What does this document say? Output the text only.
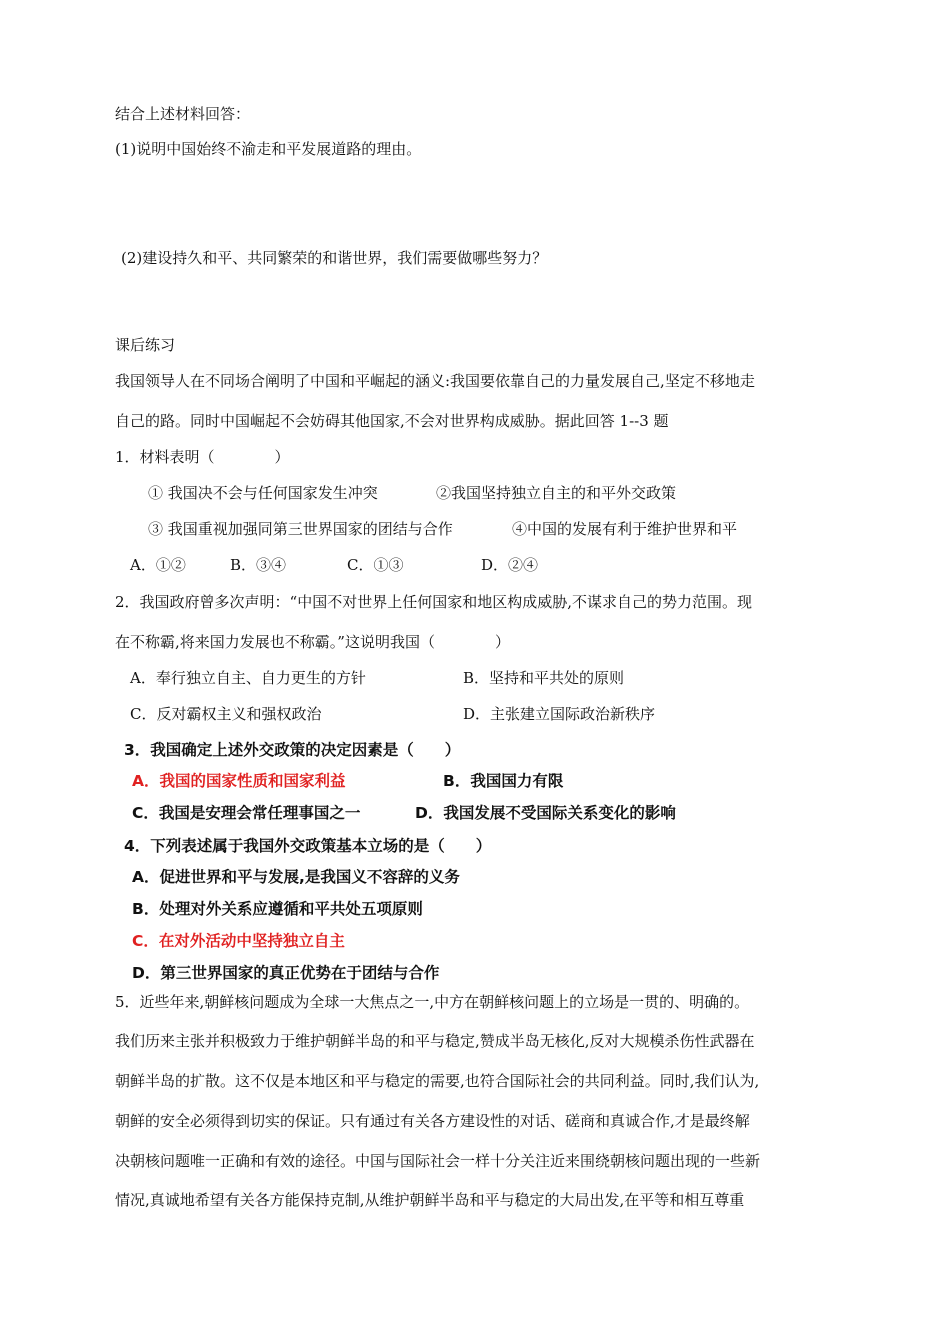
结合上述材料回答：
(1)说明中国始终不渝走和平发展道路的理由。
(2)建设持久和平、共同繁荣的和谐世界，我们需要做哪些努力？
课后练习
我国领导人在不同场合阐明了中国和平崛起的涵义:我国要依靠自己的力量发展自己,坚定不移地走
自己的路。同时中国崛起不会妨碍其他国家,不会对世界构成威胁。据此回答 1--3 题
1．材料表明（　　　　）
① 我国决不会与任何国家发生冲突	②我国坚持独立自主的和平外交政策
③ 我国重视加强同第三世界国家的团结与合作	④中国的发展有利于维护世界和平
A．①②	B．③④	C．①③	D．②④
2．我国政府曾多次声明：“中国不对世界上任何国家和地区构成威胁,不谋求自己的势力范围。现
在不称霸,将来国力发展也不称霸。”这说明我国（　　　　）
A．奉行独立自主、自力更生的方针	B．坚持和平共处的原则
C．反对霸权主义和强权政治	D．主张建立国际政治新秩序
3．我国确定上述外交政策的决定因素是（　　）
A．我国的国家性质和国家利益	B．我国国力有限
C．我国是安理会常任理事国之一	D．我国发展不受国际关系变化的影响
4．下列表述属于我国外交政策基本立场的是（　　）
A．促进世界和平与发展,是我国义不容辞的义务
B．处理对外关系应遵循和平共处五项原则
C．在对外活动中坚持独立自主
D．第三世界国家的真正优势在于团结与合作
5．近些年来,朝鲜核问题成为全球一大焦点之一,中方在朝鲜核问题上的立场是一贯的、明确的。
我们历来主张并积极致力于维护朝鲜半岛的和平与稳定,赞成半岛无核化,反对大规模杀伤性武器在
朝鲜半岛的扩散。这不仅是本地区和平与稳定的需要,也符合国际社会的共同利益。同时,我们认为,
朝鲜的安全必须得到切实的保证。只有通过有关各方建设性的对话、磋商和真诚合作,才是最终解
决朝核问题唯一正确和有效的途径。中国与国际社会一样十分关注近来围绕朝核问题出现的一些新
情况,真诚地希望有关各方能保持克制,从维护朝鲜半岛和平与稳定的大局出发,在平等和相互尊重
